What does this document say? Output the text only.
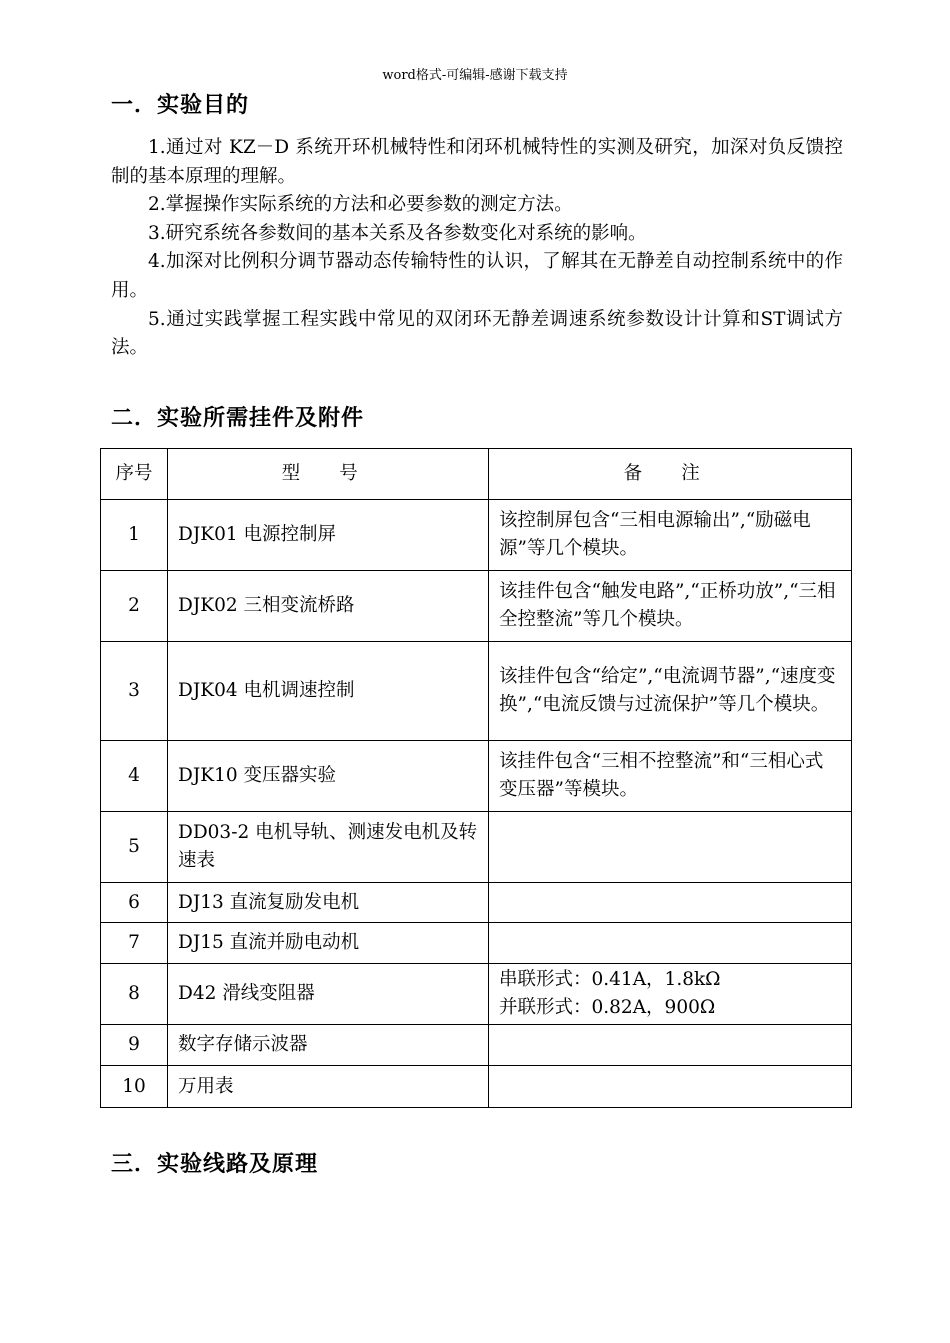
word格式-可编辑-感谢下载支持
一．实验目的

1.通过对 KZ－D 系统开环机械特性和闭环机械特性的实测及研究，加深对负反馈控制的基本原理的理解。

2.掌握操作实际系统的方法和必要参数的测定方法。

3.研究系统各参数间的基本关系及各参数变化对系统的影响。

4.加深对比例积分调节器动态传输特性的认识，了解其在无静差自动控制系统中的作用。

5.通过实践掌握工程实践中常见的双闭环无静差调速系统参数设计计算和ST调试方法。

二．实验所需挂件及附件
序号	型 号	备 注
1	DJK01 电源控制屏	该控制屏包含“三相电源输出”,“励磁电源”等几个模块。
2	DJK02 三相变流桥路	该挂件包含“触发电路”,“正桥功放”,“三相全控整流”等几个模块。
3	DJK04 电机调速控制	该挂件包含“给定”,“电流调节器”,“速度变换”,“电流反馈与过流保护”等几个模块。
4	DJK10 变压器实验	该挂件包含“三相不控整流”和“三相心式变压器”等模块。
5	DD03-2 电机导轨、测速发电机及转速表	
6	DJ13 直流复励发电机	
7	DJ15 直流并励电动机	
8	D42 滑线变阻器	串联形式：0.41A，1.8kΩ
并联形式：0.82A，900Ω

9	数字存储示波器	
10	万用表	
三．实验线路及原理
